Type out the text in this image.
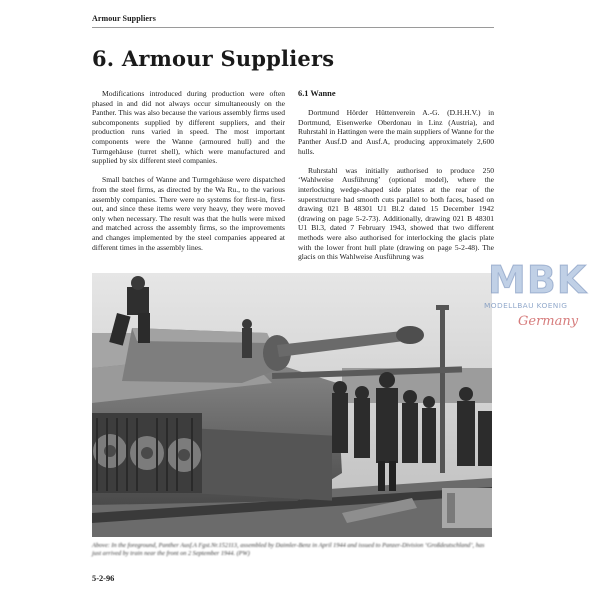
Armour Suppliers
6. Armour Suppliers

Modifications introduced during production were often phased in and did not always occur simultaneously on the Panther. This was also because the various assembly firms used subcomponents supplied by different suppliers, and their production runs varied in speed. The most important components were the Wanne (armoured hull) and the Turmgehäuse (turret shell), which were manufactured and supplied by six different steel companies.

Small batches of Wanne and Turmgehäuse were dispatched from the steel firms, as directed by the Wa Ru., to the various assembly companies. There were no systems for first-in, first-out, and since these items were very heavy, they were moved only when necessary. The result was that the hulls were mixed and matched across the assembly firms, so the improvements and changes implemented by the steel companies appeared at different times in the assembly lines.

6.1 Wanne

Dortmund Hörder Hüttenverein A.-G. (D.H.H.V.) in Dortmund, Eisenwerke Oberdonau in Linz (Austria), and Ruhrstahl in Hattingen were the main suppliers of Wanne for the Panther Ausf.D and Ausf.A, producing approximately 2,600 hulls.

Ruhrstahl was initially authorised to produce 250 ‘Wahlweise Ausführung’ (optional model), where the interlocking wedge-shaped side plates at the rear of the superstructure had smooth cuts parallel to both faces, based on drawing 021 B 48301 U1 Bl.2 dated 15 December 1942 (drawing on page 5-2-73). Additionally, drawing 021 B 48301 U1 Bl.3, dated 7 February 1943, showed that two different methods were also authorised for interlocking the glacis plate with the lower front hull plate (drawing on page 5-2-48). The glacis on this Wahlweise Ausführung was

Above: In the foreground, Panther Ausf.A Fgst.Nr.152113, assembled by Daimler-Benz in April 1944 and issued to Panzer-Division ‘Großdeutschland’, has just arrived by train near the front on 2 September 1944. (PW)
5-2-96
MBK
MODELLBAU KOENIG
Germany
